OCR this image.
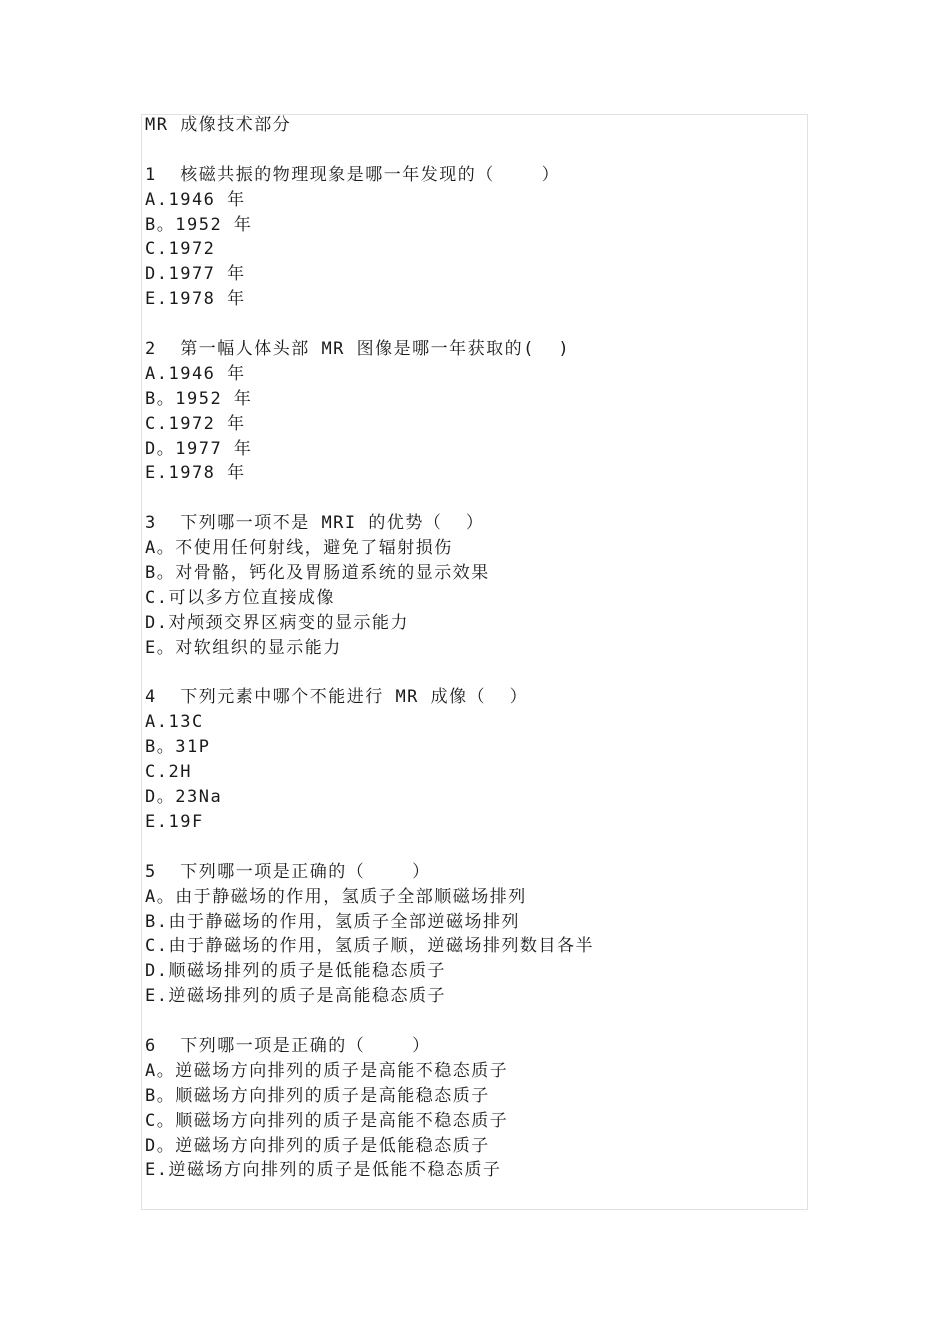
MR 成像技术部分
1  核磁共振的物理现象是哪一年发现的（    ）
A.1946 年
B。1952 年
C.1972
D.1977 年
E.1978 年
2  第一幅人体头部 MR 图像是哪一年获取的(  )
A.1946 年
B。1952 年
C.1972 年
D。1977 年
E.1978 年
3  下列哪一项不是 MRI 的优势（  ）
A。不使用任何射线，避免了辐射损伤
B。对骨骼，钙化及胃肠道系统的显示效果
C.可以多方位直接成像
D.对颅颈交界区病变的显示能力
E。对软组织的显示能力
4  下列元素中哪个不能进行 MR 成像（  ）
A.13C
B。31P
C.2H
D。23Na
E.19F
5  下列哪一项是正确的（    ）
A。由于静磁场的作用，氢质子全部顺磁场排列
B.由于静磁场的作用，氢质子全部逆磁场排列
C.由于静磁场的作用，氢质子顺，逆磁场排列数目各半
D.顺磁场排列的质子是低能稳态质子
E.逆磁场排列的质子是高能稳态质子
6  下列哪一项是正确的（    ）
A。逆磁场方向排列的质子是高能不稳态质子
B。顺磁场方向排列的质子是高能稳态质子
C。顺磁场方向排列的质子是高能不稳态质子
D。逆磁场方向排列的质子是低能稳态质子
E.逆磁场方向排列的质子是低能不稳态质子
